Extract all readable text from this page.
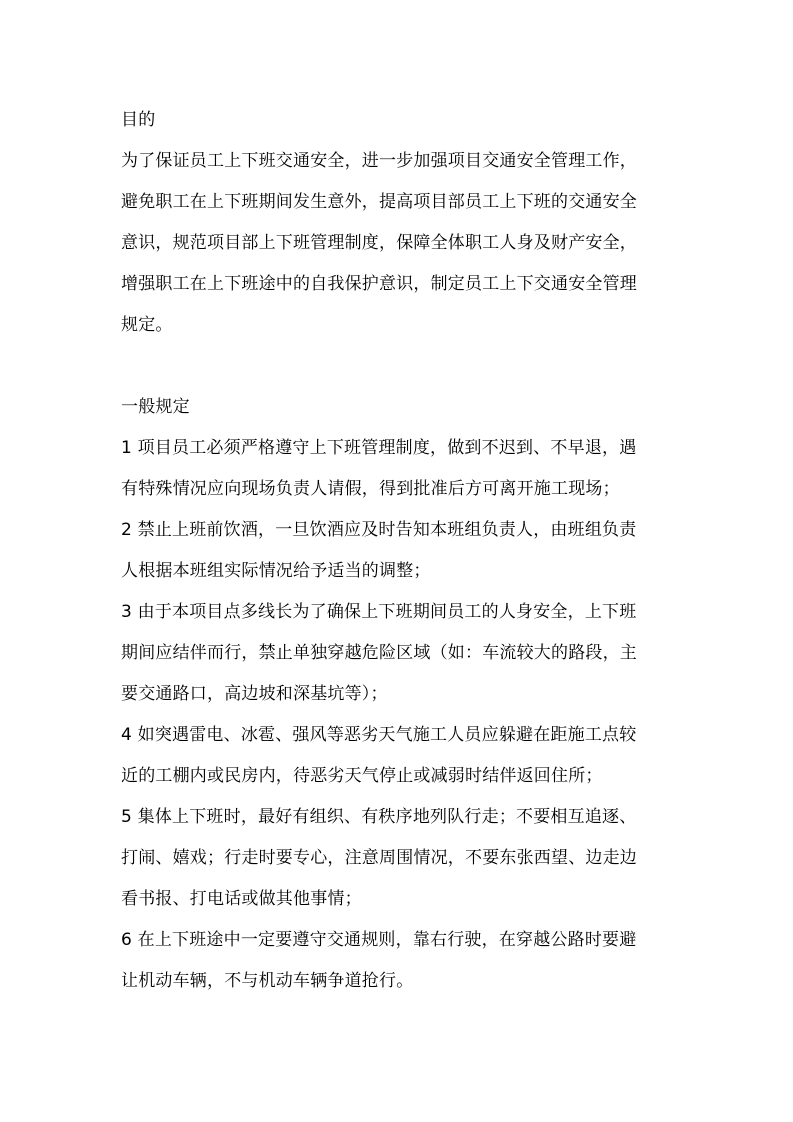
目的
为了保证员工上下班交通安全，进一步加强项目交通安全管理工作，
避免职工在上下班期间发生意外，提高项目部员工上下班的交通安全
意识，规范项目部上下班管理制度，保障全体职工人身及财产安全，
增强职工在上下班途中的自我保护意识，制定员工上下交通安全管理
规定。
一般规定
1 项目员工必须严格遵守上下班管理制度，做到不迟到、不早退，遇
有特殊情况应向现场负责人请假，得到批准后方可离开施工现场；
2 禁止上班前饮酒，一旦饮酒应及时告知本班组负责人，由班组负责
人根据本班组实际情况给予适当的调整；
3 由于本项目点多线长为了确保上下班期间员工的人身安全，上下班
期间应结伴而行，禁止单独穿越危险区域（如：车流较大的路段，主
要交通路口，高边坡和深基坑等）；
4 如突遇雷电、冰雹、强风等恶劣天气施工人员应躲避在距施工点较
近的工棚内或民房内，待恶劣天气停止或减弱时结伴返回住所；
5 集体上下班时，最好有组织、有秩序地列队行走；不要相互追逐、
打闹、嬉戏；行走时要专心，注意周围情况，不要东张西望、边走边
看书报、打电话或做其他事情；
6 在上下班途中一定要遵守交通规则，靠右行驶，在穿越公路时要避
让机动车辆，不与机动车辆争道抢行。
